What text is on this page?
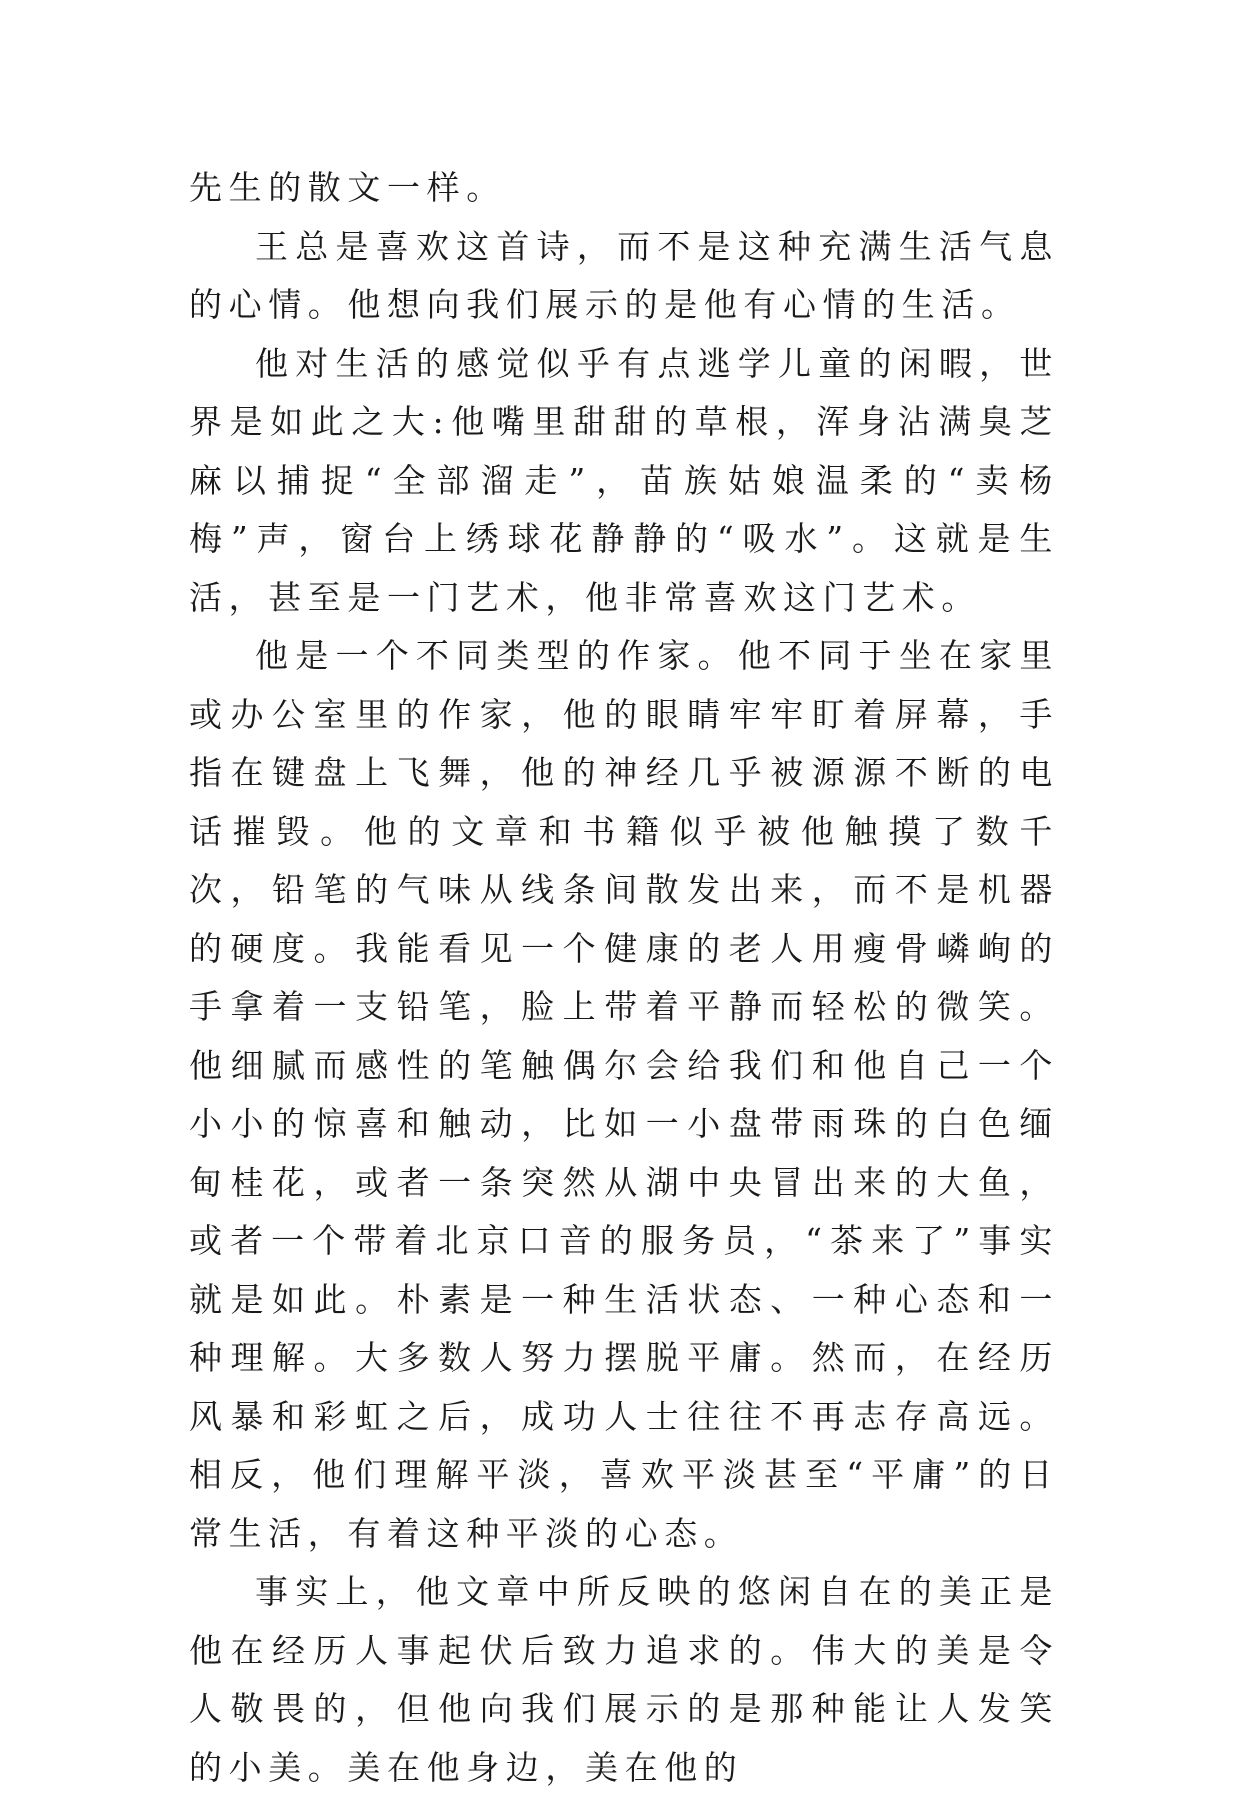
先生的散文一样。

王总是喜欢这首诗，而不是这种充满生活气息的心情。他想向我们展示的是他有心情的生活。

他对生活的感觉似乎有点逃学儿童的闲暇，世界是如此之大:他嘴里甜甜的草根，浑身沾满臭芝麻以捕捉“全部溜走”，苗族姑娘温柔的“卖杨梅”声，窗台上绣球花静静的“吸水”。这就是生活，甚至是一门艺术，他非常喜欢这门艺术。

他是一个不同类型的作家。他不同于坐在家里或办公室里的作家，他的眼睛牢牢盯着屏幕，手指在键盘上飞舞，他的神经几乎被源源不断的电话摧毁。他的文章和书籍似乎被他触摸了数千次，铅笔的气味从线条间散发出来，而不是机器的硬度。我能看见一个健康的老人用瘦骨嶙峋的手拿着一支铅笔，脸上带着平静而轻松的微笑。他细腻而感性的笔触偶尔会给我们和他自己一个小小的惊喜和触动，比如一小盘带雨珠的白色缅甸桂花，或者一条突然从湖中央冒出来的大鱼，或者一个带着北京口音的服务员，“茶来了”事实就是如此。朴素是一种生活状态、一种心态和一种理解。大多数人努力摆脱平庸。然而，在经历风暴和彩虹之后，成功人士往往不再志存高远。相反，他们理解平淡，喜欢平淡甚至“平庸”的日常生活，有着这种平淡的心态。

事实上，他文章中所反映的悠闲自在的美正是他在经历人事起伏后致力追求的。伟大的美是令人敬畏的，但他向我们展示的是那种能让人发笑的小美。美在他身边，美在他的
